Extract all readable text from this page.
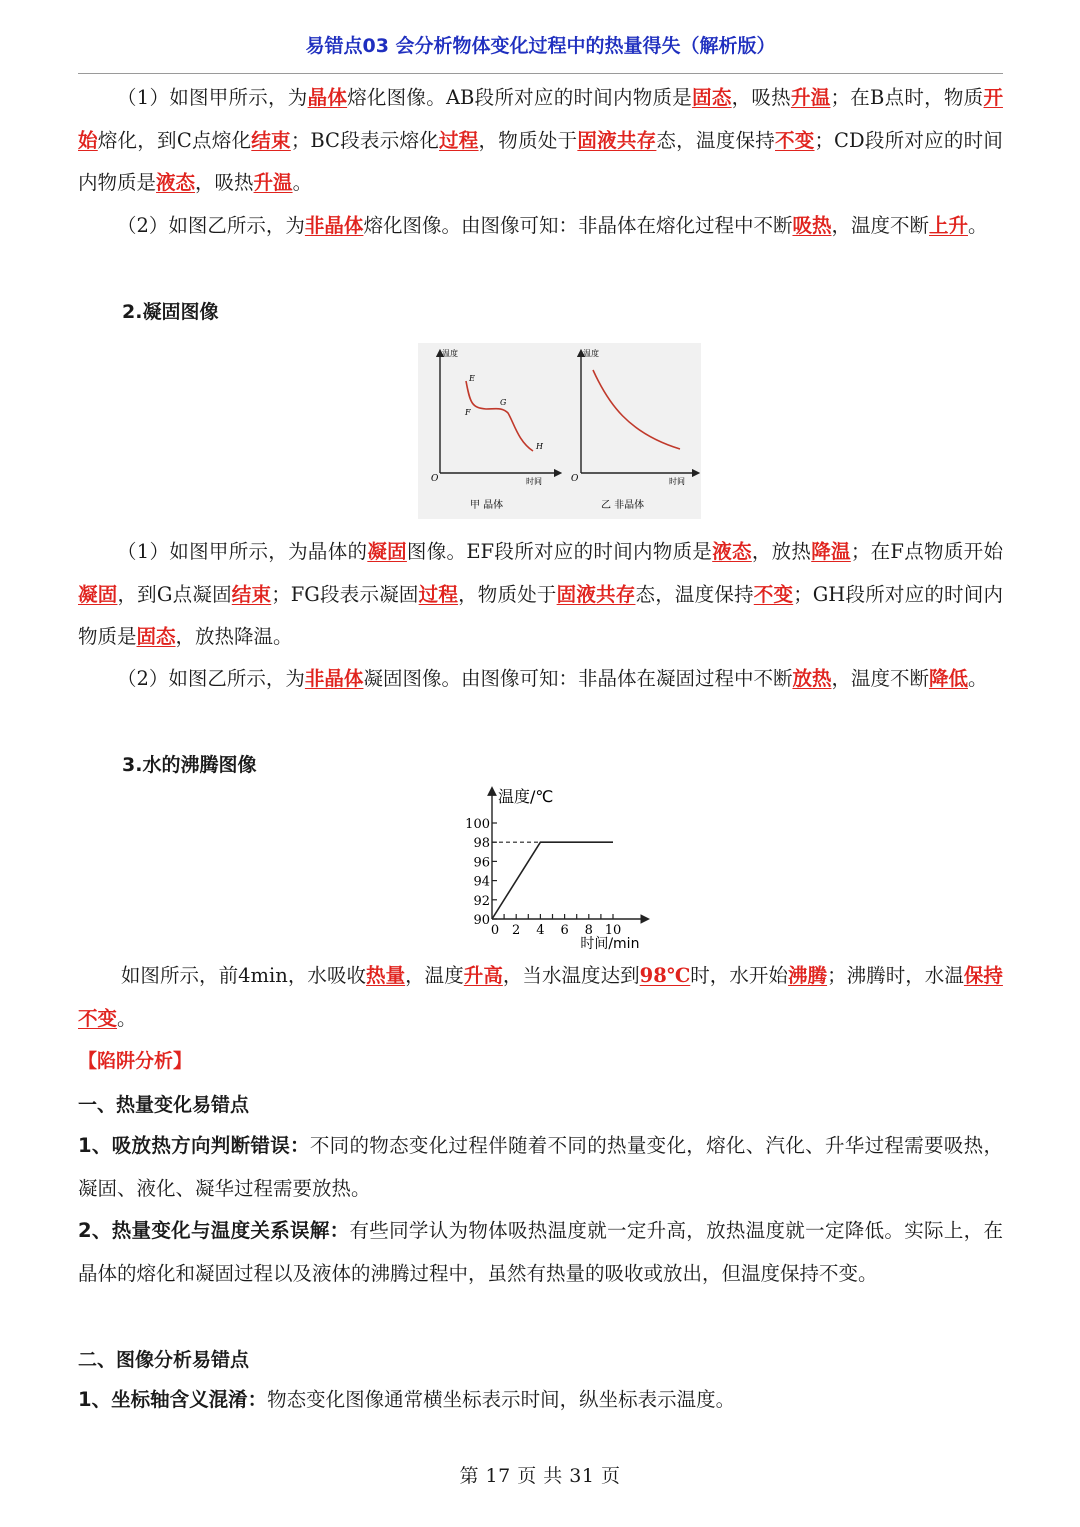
易错点03 会分析物体变化过程中的热量得失（解析版）

（1）如图甲所示，为晶体熔化图像。AB段所对应的时间内物质是固态，吸热升温；在B点时，物质开始熔化，到C点熔化结束；BC段表示熔化过程，物质处于固液共存态，温度保持不变；CD段所对应的时间内物质是液态，吸热升温。

（2）如图乙所示，为非晶体熔化图像。由图像可知：非晶体在熔化过程中不断吸热，温度不断上升。

2.凝固图像
温度
时间
O
E
F
G
H
甲 晶体
温度
时间
O
乙 非晶体

（1）如图甲所示，为晶体的凝固图像。EF段所对应的时间内物质是液态，放热降温；在F点物质开始凝固，到G点凝固结束；FG段表示凝固过程，物质处于固液共存态，温度保持不变；GH段所对应的时间内物质是固态，放热降温。

（2）如图乙所示，为非晶体凝固图像。由图像可知：非晶体在凝固过程中不断放热，温度不断降低。

3.水的沸腾图像
温度/℃
时间/min
90
92
94
96
98
100
0 2 4 6 8 10

如图所示，前4min，水吸收热量，温度升高，当水温度达到98℃时，水开始沸腾；沸腾时，水温保持不变。

【陷阱分析】
一、热量变化易错点

1、吸放热方向判断错误：不同的物态变化过程伴随着不同的热量变化，熔化、汽化、升华过程需要吸热，凝固、液化、凝华过程需要放热。

2、热量变化与温度关系误解：有些同学认为物体吸热温度就一定升高，放热温度就一定降低。实际上，在晶体的熔化和凝固过程以及液体的沸腾过程中，虽然有热量的吸收或放出，但温度保持不变。

二、图像分析易错点

1、坐标轴含义混淆：物态变化图像通常横坐标表示时间，纵坐标表示温度。

第 17 页 共 31 页
